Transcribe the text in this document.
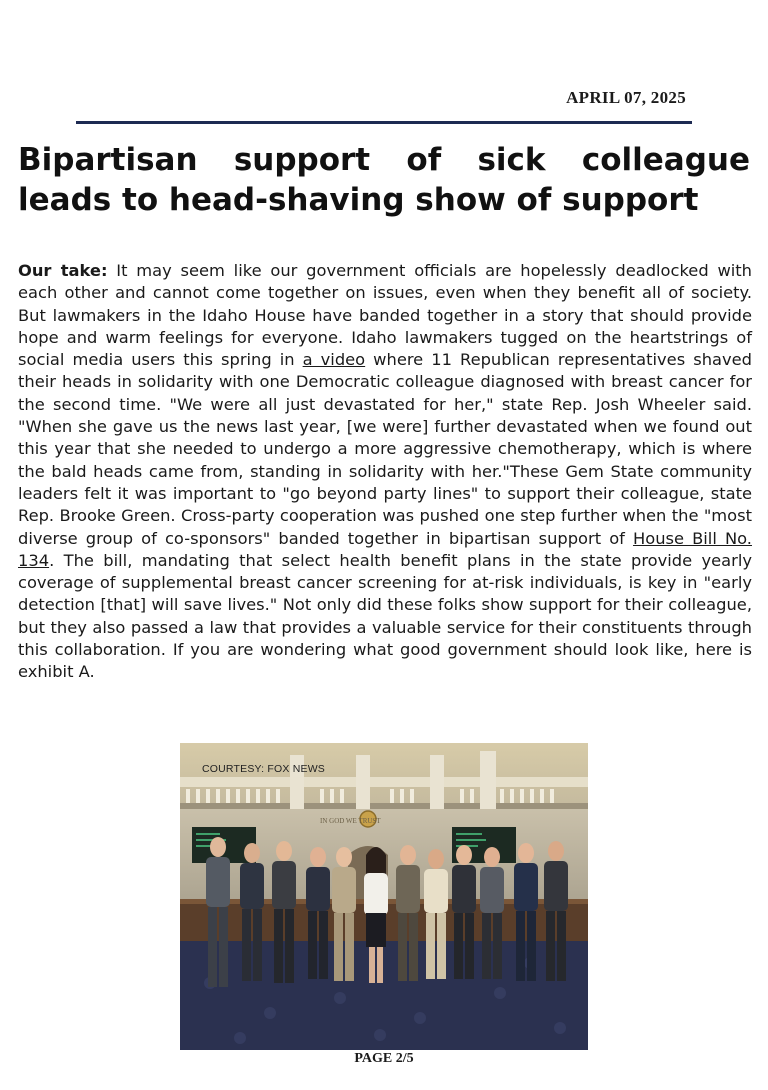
APRIL 07, 2025
Bipartisan support of sick colleague leads to head-shaving show of support

Our take: It may seem like our government officials are hopelessly deadlocked with each other and cannot come together on issues, even when they benefit all of society. But lawmakers in the Idaho House have banded together in a story that should provide hope and warm feelings for everyone. Idaho lawmakers tugged on the heartstrings of social media users this spring in a video where 11 Republican representatives shaved their heads in solidarity with one Democratic colleague diagnosed with breast cancer for the second time. "We were all just devastated for her," state Rep. Josh Wheeler said. "When she gave us the news last year, [we were] further devastated when we found out this year that she needed to undergo a more aggressive chemotherapy, which is where the bald heads came from, standing in solidarity with her."These Gem State community leaders felt it was important to "go beyond party lines" to support their colleague, state Rep. Brooke Green. Cross-party cooperation was pushed one step further when the "most diverse group of co-sponsors" banded together in bipartisan support of House Bill No. 134. The bill, mandating that select health benefit plans in the state provide yearly coverage of supplemental breast cancer screening for at-risk individuals, is key in "early detection [that] will save lives." Not only did these folks show support for their colleague, but they also passed a law that provides a valuable service for their constituents through this collaboration. If you are wondering what good government should look like, here is exhibit A.

IN GOD WE TRUST
COURTESY: FOX NEWS
PAGE 2/5
